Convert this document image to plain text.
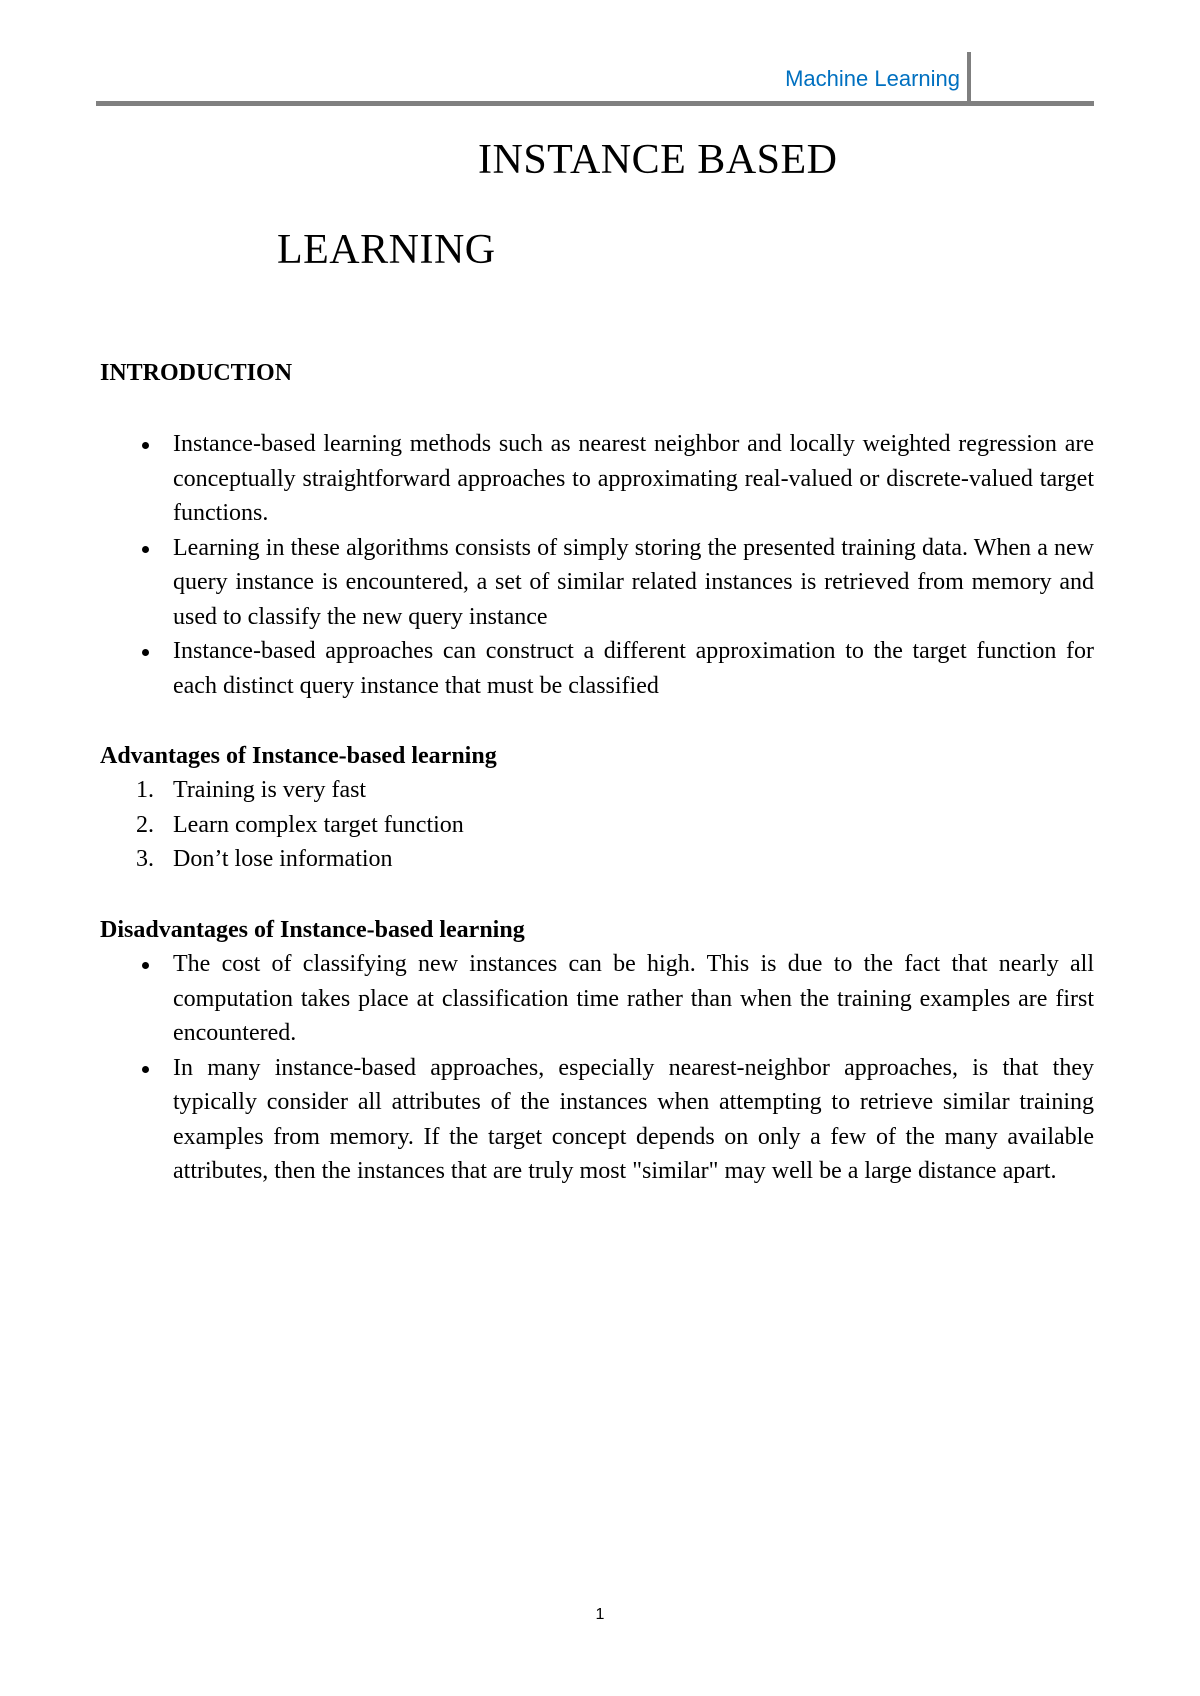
Machine Learning
INSTANCE BASED
LEARNING
INTRODUCTION
Instance-based learning methods such as nearest neighbor and locally weighted regression are conceptually straightforward approaches to approximating real-valued or discrete-valued target functions.
Learning in these algorithms consists of simply storing the presented training data. When a new query instance is encountered, a set of similar related instances is retrieved from memory and used to classify the new query instance
Instance-based approaches can construct a different approximation to the target function for each distinct query instance that must be classified
Advantages of Instance-based learning
1. Training is very fast
2. Learn complex target function
3. Don’t lose information
Disadvantages of Instance-based learning
The cost of classifying new instances can be high. This is due to the fact that nearly all computation takes place at classification time rather than when the training examples are first encountered.
In many instance-based approaches, especially nearest-neighbor approaches, is that they typically consider all attributes of the instances when attempting to retrieve similar training examples from memory. If the target concept depends on only a few of the many available attributes, then the instances that are truly most "similar" may well be a large distance apart.
1
